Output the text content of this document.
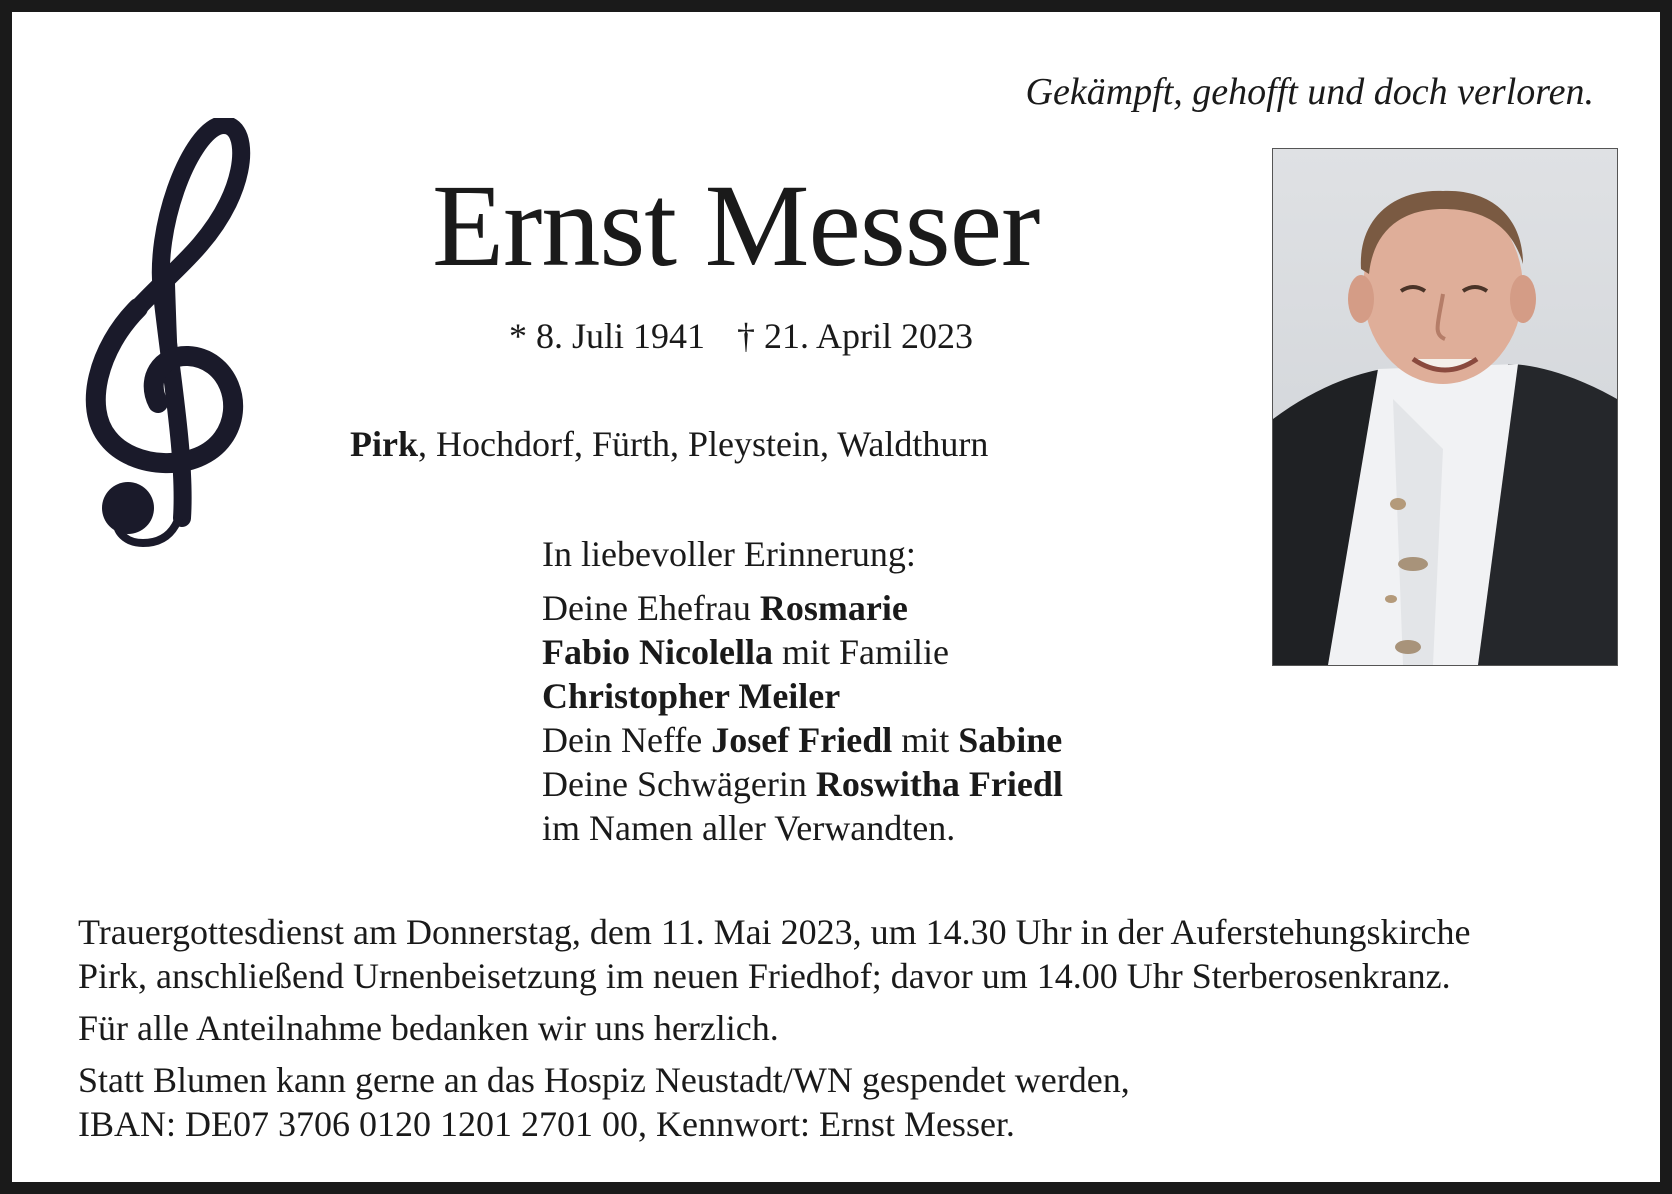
Gekämpft, gehofft und doch verloren.
Ernst Messer
* 8. Juli 1941 † 21. April 2023
Pirk, Hochdorf, Fürth, Pleystein, Waldthurn
In liebevoller Erinnerung:
Deine Ehefrau Rosmarie
Fabio Nicolella mit Familie
Christopher Meiler
Dein Neffe Josef Friedl mit Sabine
Deine Schwägerin Roswitha Friedl
im Namen aller Verwandten.

Trauergottesdienst am Donnerstag, dem 11. Mai 2023, um 14.30 Uhr in der Auferstehungskirche

Pirk, anschließend Urnenbeisetzung im neuen Friedhof; davor um 14.00 Uhr Sterberosenkranz.

Für alle Anteilnahme bedanken wir uns herzlich.

Statt Blumen kann gerne an das Hospiz Neustadt/WN gespendet werden,

IBAN: DE07 3706 0120 1201 2701 00, Kennwort: Ernst Messer.
